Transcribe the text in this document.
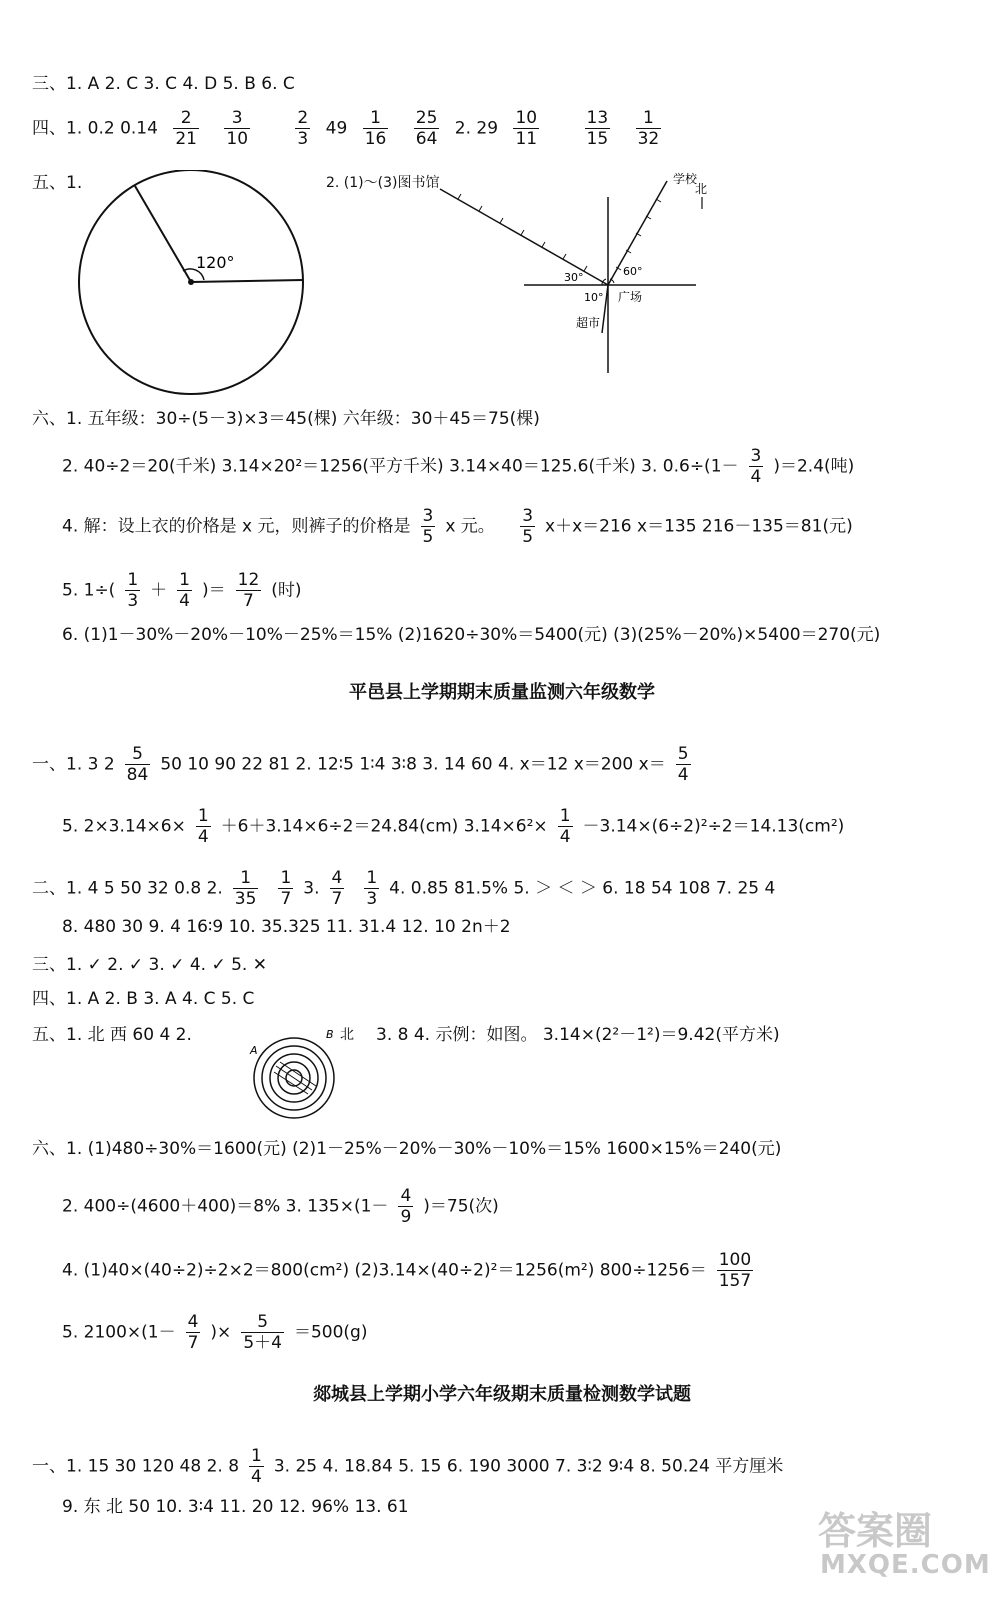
三、1. A 2. C 3. C 4. D 5. B 6. C
四、1. 0.2 $0.14 \frac{2}{21}$
$\frac{3}{10}$
	$\frac{2}{3} 49 \frac{1}{16}$
$\frac{25}{64} 2$. $29 \frac{10}{11}$
	$\frac{13}{15}$
$\frac{1}{32}$
五、1.
120°
2. (1)～(3)图书馆	学校
北
30°	60°
10° 广场
超市
六、1. 五年级：30÷(5－3)×3＝45(棵) 六年级：30＋45＝75(棵)
2. 40÷2＝20(千米) 3.14×20²＝1256(平方千米) 3.14×40＝125.6(千米) 3. $0.6\div(1- \frac{3}{4} )=2.4$(吨)
4. 解：设上衣的价格是 x 元，则裤子的价格是 $\frac{3}{5}$ x 元。 $\frac{3}{5} x+x=216$ x＝135 216－135＝81(元)
5. $1\div( \frac{1}{3} + \frac{1}{4}$ )＝ $\frac{12}{7}$ (时)
6. (1)1－30%－20%－10%－25%＝15% (2)1620÷30%＝5400(元) (3)(25%－20%)×5400＝270(元)
平邑县上学期期末质量监测六年级数学
一、1. 3 $2 \frac{5}{84} 50$ 10 90 22 81 2. 12∶5 1∶4 3∶8 3. 14 60 4. x＝12 x＝200 $x= \frac{5}{4}$
5. $2\times 3.14\times 6\times \frac{1}{4} +6+3.14\times 6\div 2=24.84(cm)$ $3.14\times 6^2\times \frac{1}{4} -3.14\times(6\div 2)^2\div 2=14.13(cm^2)$
二、1. 4 5 50 32 0.8 2. $\frac{1}{35} \frac{1}{7} 3$. $\frac{4}{7} \frac{1}{3} 4$. 0.85 81.5% 5. ＞ ＜ ＞ 6. 18 54 108 7. 25 4
8. 480 30 9. 4 16∶9 10. 35.325 11. 31.4 12. 10 2n＋2
三、1. ✓ 2. ✓ 3. ✓ 4. ✓ 5. ✕
四、1. A 2. B 3. A 4. C 5. C
五、1. 北 西 60 4 2.
A
B 北 3. 8 4. 示例：如图。 3.14×(2²－1²)＝9.42(平方米)
六、1. (1)480÷30%＝1600(元) (2)1－25%－20%－30%－10%＝15% 1600×15%＝240(元)
2. 400÷(4600＋400)＝8% 3. $135\times(1- \frac{4}{9} )=75$(次)
4. (1)40×(40÷2)÷2×2＝800(cm²) (2)3.14×(40÷2)²＝1256(m²) $800\div 1256= \frac{100}{157}$
5. $2100\times(1- \frac{4}{7}$ )× $\frac{5}{5+4} =500(g)$
郯城县上学期小学六年级期末质量检测数学试题
一、1. 15 30 120 48 2. $8 \frac{1}{4} 3$. 25 4. 18.84 5. 15 6. 190 3000 7. 3∶2 9∶4 8. 50.24 平方厘米
9. 东 北 50 10. 3∶4 11. 20 12. 96% 13. 61
答案圈
MXQE.COM
